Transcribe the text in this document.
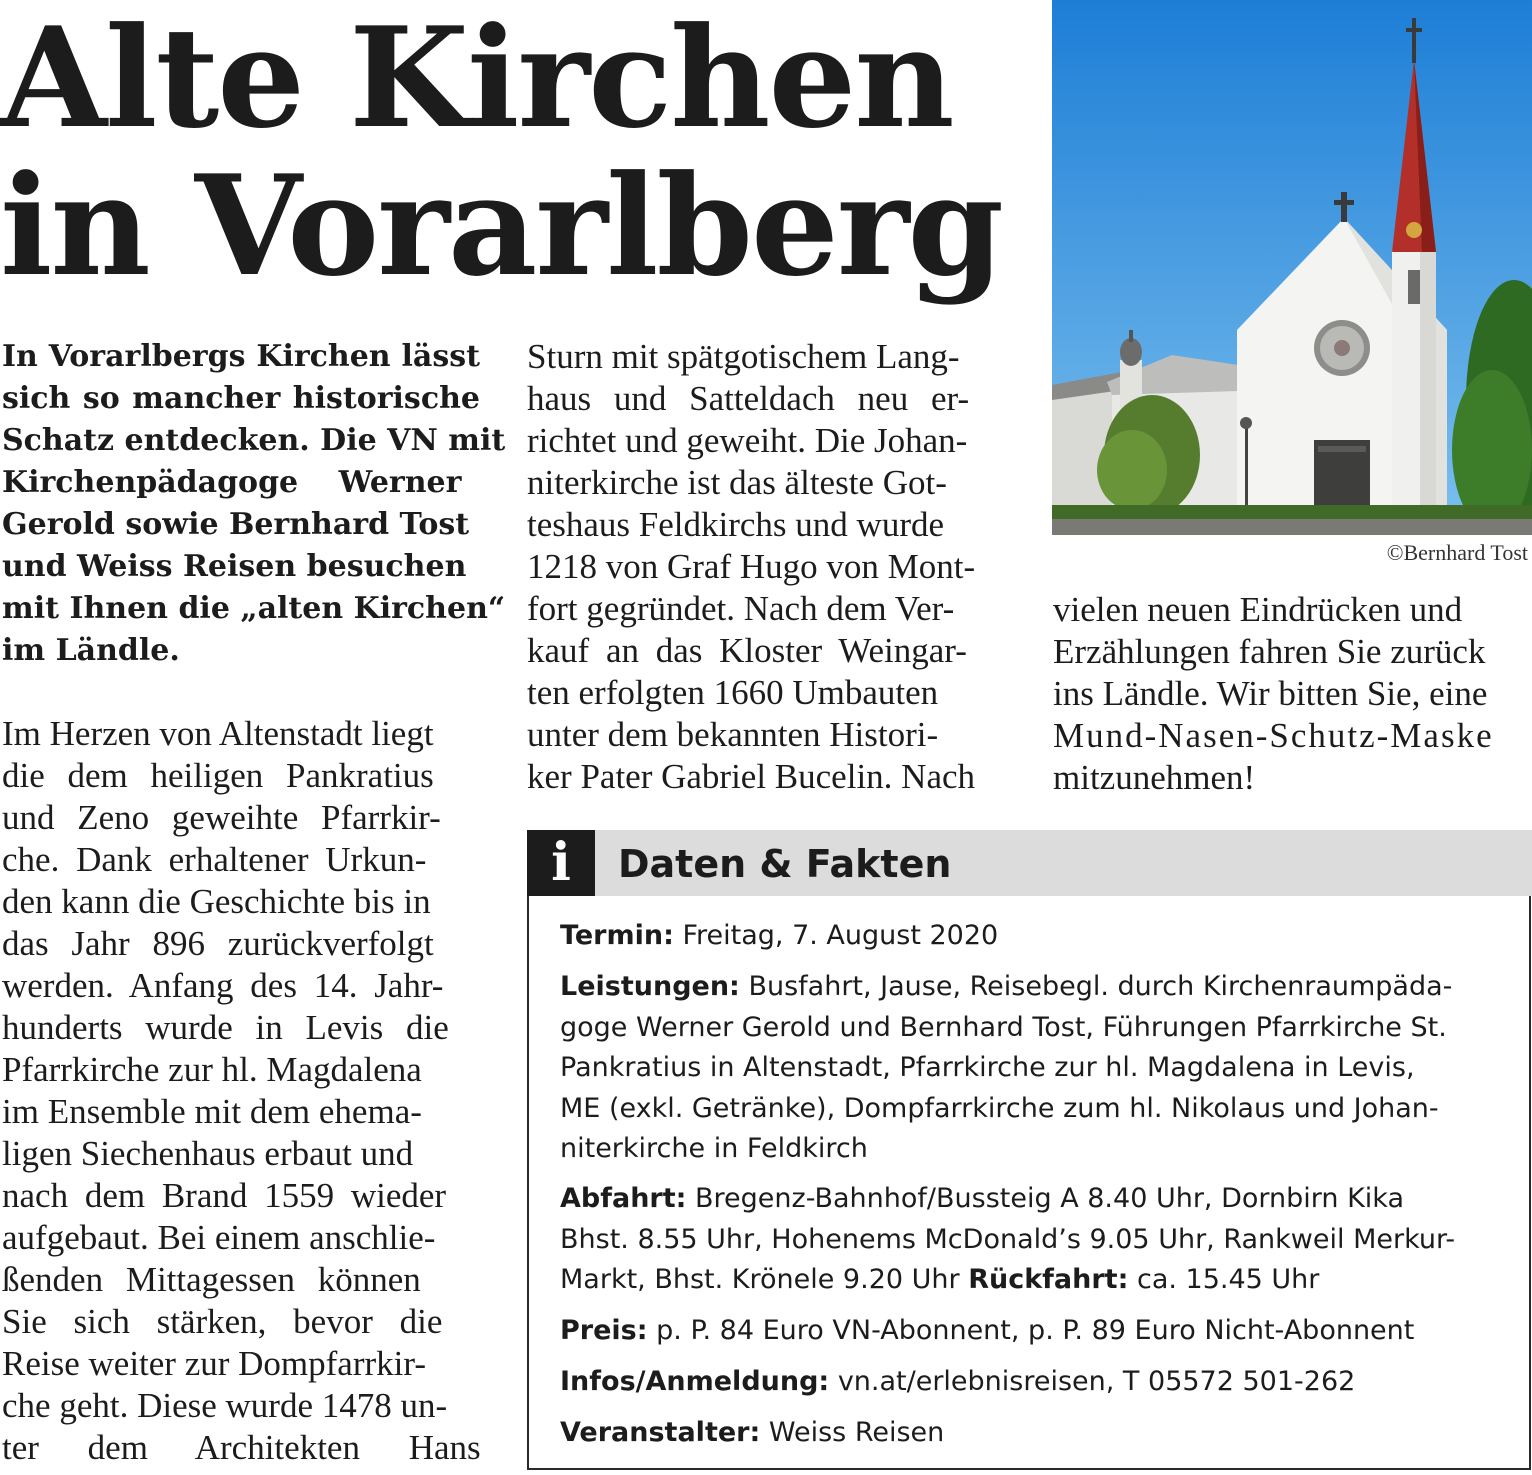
Alte Kirchen
in Vorarlberg
In Vorarlbergs Kirchen lässt
sich so mancher historische
Schatz entdecken. Die VN mit
Kirchenpädagoge Werner
Gerold sowie Bernhard Tost
und Weiss Reisen besuchen
mit Ihnen die „alten Kirchen“
im Ländle.
Im Herzen von Altenstadt liegt
die dem heiligen Pankratius
und Zeno geweihte Pfarrkir-
che. Dank erhaltener Urkun-
den kann die Geschichte bis in
das Jahr 896 zurückverfolgt
werden. Anfang des 14. Jahr-
hunderts wurde in Levis die
Pfarrkirche zur hl. Magdalena
im Ensemble mit dem ehema-
ligen Siechenhaus erbaut und
nach dem Brand 1559 wieder
aufgebaut. Bei einem anschlie-
ßenden Mittagessen können
Sie sich stärken, bevor die
Reise weiter zur Dompfarrkir-
che geht. Diese wurde 1478 un-
ter dem Architekten Hans
Sturn mit spätgotischem Lang-
haus und Satteldach neu er-
richtet und geweiht. Die Johan-
niterkirche ist das älteste Got-
teshaus Feldkirchs und wurde
1218 von Graf Hugo von Mont-
fort gegründet. Nach dem Ver-
kauf an das Kloster Weingar-
ten erfolgten 1660 Umbauten
unter dem bekannten Histori-
ker Pater Gabriel Bucelin. Nach
©Bernhard Tost
vielen neuen Eindrücken und
Erzählungen fahren Sie zurück
ins Ländle. Wir bitten Sie, eine
Mund-Nasen-Schutz-Maske
mitzunehmen!
i	Daten & Fakten
Termin: Freitag, 7. August 2020
Leistungen: Busfahrt, Jause, Reisebegl. durch Kirchenraumpäda-
goge Werner Gerold und Bernhard Tost, Führungen Pfarrkirche St.
Pankratius in Altenstadt, Pfarrkirche zur hl. Magdalena in Levis,
ME (exkl. Getränke), Dompfarrkirche zum hl. Nikolaus und Johan-
niterkirche in Feldkirch
Abfahrt: Bregenz-Bahnhof/Bussteig A 8.40 Uhr, Dornbirn Kika
Bhst. 8.55 Uhr, Hohenems McDonald’s 9.05 Uhr, Rankweil Merkur-
Markt, Bhst. Krönele 9.20 Uhr Rückfahrt: ca. 15.45 Uhr
Preis: p. P. 84 Euro VN-Abonnent, p. P. 89 Euro Nicht-Abonnent
Infos/Anmeldung: vn.at/erlebnisreisen, T 05572 501-262
Veranstalter: Weiss Reisen
